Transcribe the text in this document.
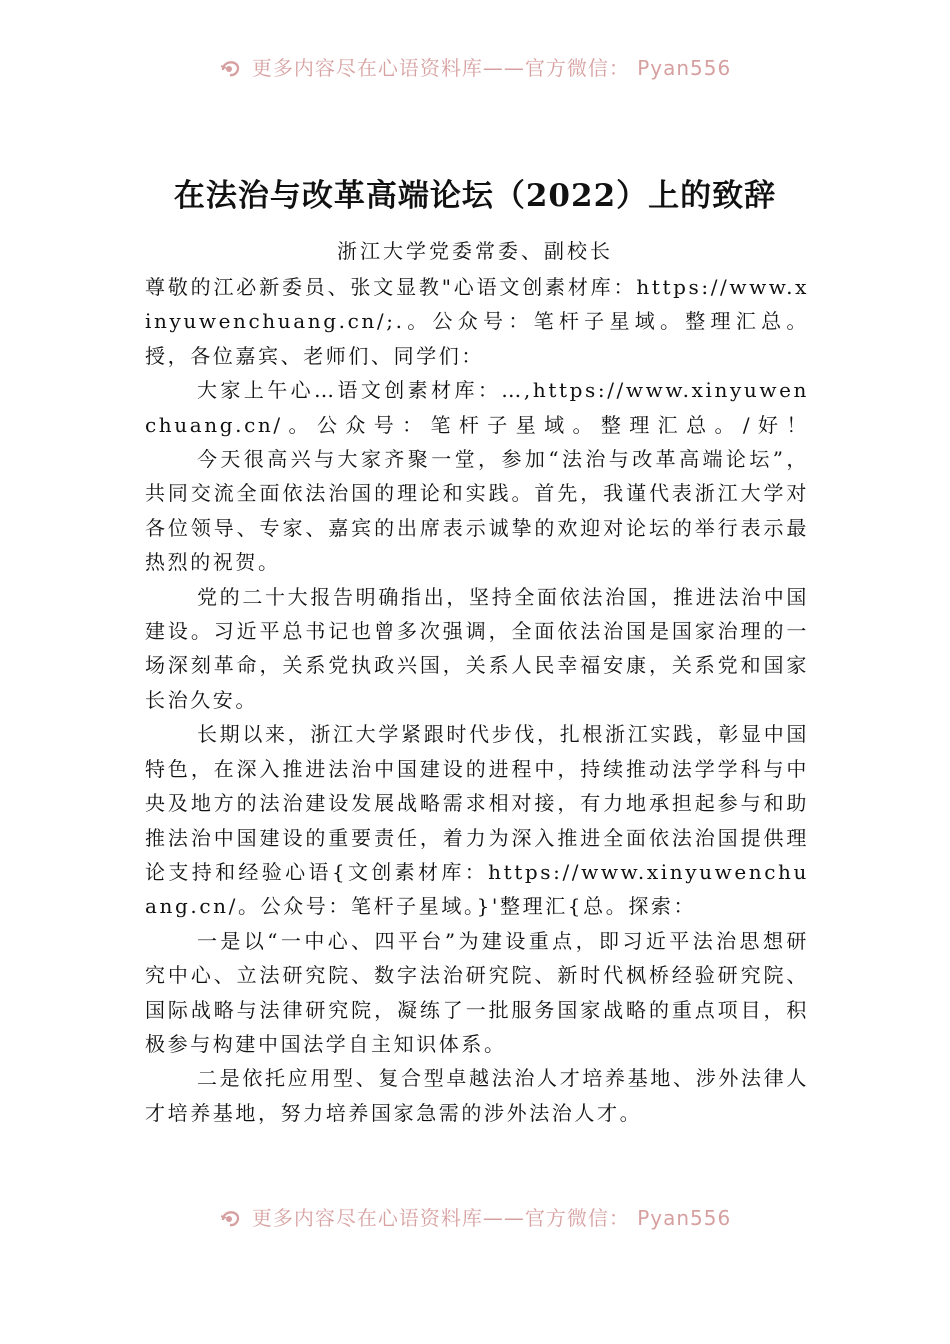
更多内容尽在心语资料库——官方微信： Pyan556
在法治与改革高端论坛（2022）上的致辞
浙江大学党委常委、副校长

尊敬的江必新委员、张文显教"心语文创素材库：https://www.xinyuwenchuang.cn/;.。公众号：笔杆子星域。整理汇总。授，各位嘉宾、老师们、同学们：

大家上午心…语文创素材库：…,https://www.xinyuwenchuang.cn/。公众号：笔杆子星域。整理汇总。/好！

今天很高兴与大家齐聚一堂，参加“法治与改革高端论坛”，共同交流全面依法治国的理论和实践。首先，我谨代表浙江大学对各位领导、专家、嘉宾的出席表示诚挚的欢迎对论坛的举行表示最热烈的祝贺。

党的二十大报告明确指出，坚持全面依法治国，推进法治中国建设。习近平总书记也曾多次强调，全面依法治国是国家治理的一场深刻革命，关系党执政兴国，关系人民幸福安康，关系党和国家长治久安。

长期以来，浙江大学紧跟时代步伐，扎根浙江实践，彰显中国特色，在深入推进法治中国建设的进程中，持续推动法学学科与中央及地方的法治建设发展战略需求相对接，有力地承担起参与和助推法治中国建设的重要责任，着力为深入推进全面依法治国提供理论支持和经验心语{文创素材库：https://www.xinyuwenchuang.cn/。公众号：笔杆子星域。}'整理汇{总。探索：

一是以“一中心、四平台”为建设重点，即习近平法治思想研究中心、立法研究院、数字法治研究院、新时代枫桥经验研究院、国际战略与法律研究院，凝练了一批服务国家战略的重点项目，积极参与构建中国法学自主知识体系。

二是依托应用型、复合型卓越法治人才培养基地、涉外法律人才培养基地，努力培养国家急需的涉外法治人才。

更多内容尽在心语资料库——官方微信： Pyan556
